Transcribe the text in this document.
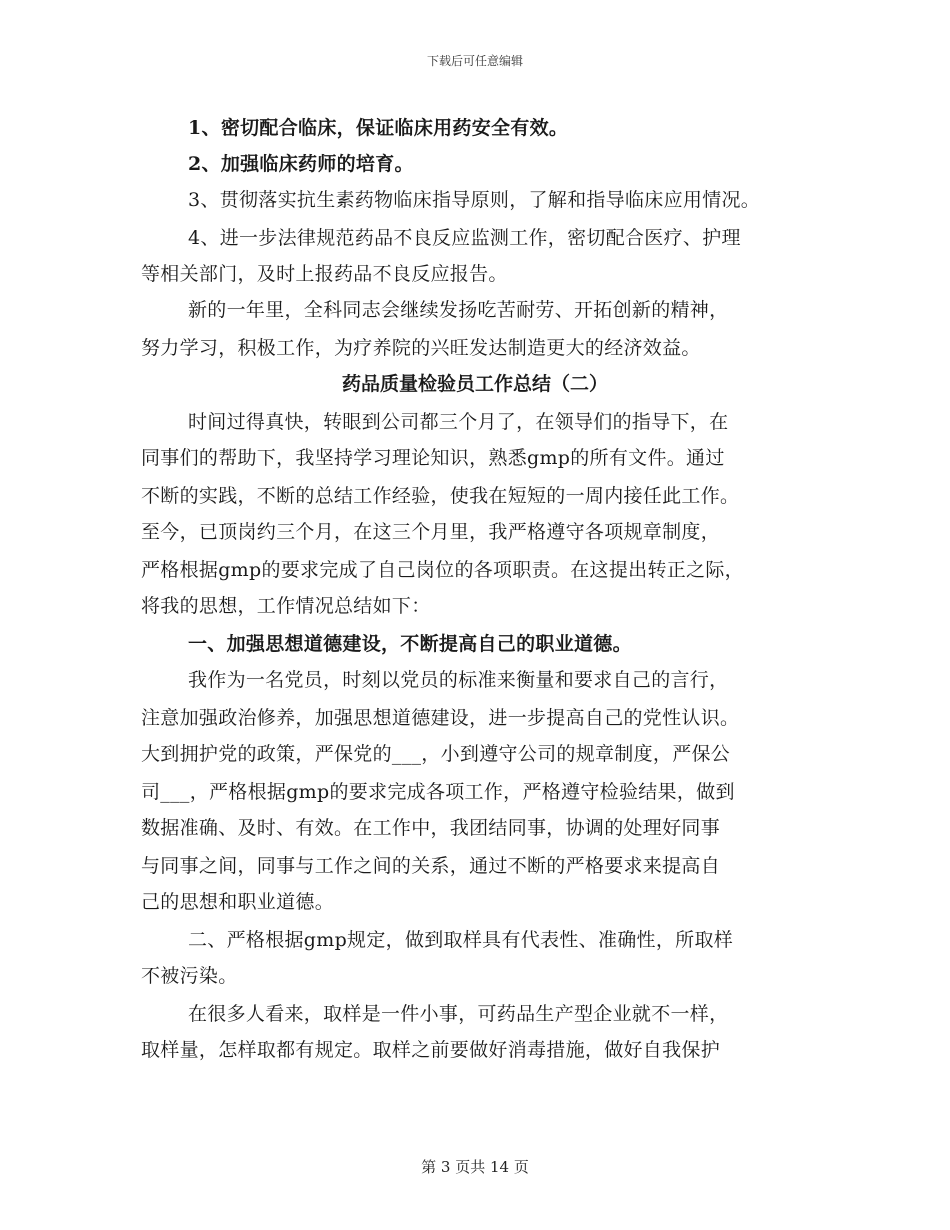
下载后可任意编辑
1、密切配合临床，保证临床用药安全有效。
2、加强临床药师的培育。
3、贯彻落实抗生素药物临床指导原则，了解和指导临床应用情况。
4、进一步法律规范药品不良反应监测工作，密切配合医疗、护理
等相关部门，及时上报药品不良反应报告。
新的一年里，全科同志会继续发扬吃苦耐劳、开拓创新的精神，
努力学习，积极工作，为疗养院的兴旺发达制造更大的经济效益。
药品质量检验员工作总结（二）
时间过得真快，转眼到公司都三个月了，在领导们的指导下，在
同事们的帮助下，我坚持学习理论知识，熟悉gmp的所有文件。通过
不断的实践，不断的总结工作经验，使我在短短的一周内接任此工作。
至今，已顶岗约三个月，在这三个月里，我严格遵守各项规章制度，
严格根据gmp的要求完成了自己岗位的各项职责。在这提出转正之际，
将我的思想，工作情况总结如下：
一、加强思想道德建设，不断提高自己的职业道德。
我作为一名党员，时刻以党员的标准来衡量和要求自己的言行，
注意加强政治修养，加强思想道德建设，进一步提高自己的党性认识。
大到拥护党的政策，严保党的___，小到遵守公司的规章制度，严保公
司___，严格根据gmp的要求完成各项工作，严格遵守检验结果，做到
数据准确、及时、有效。在工作中，我团结同事，协调的处理好同事
与同事之间，同事与工作之间的关系，通过不断的严格要求来提高自
己的思想和职业道德。
二、严格根据gmp规定，做到取样具有代表性、准确性，所取样
不被污染。
在很多人看来，取样是一件小事，可药品生产型企业就不一样，
取样量，怎样取都有规定。取样之前要做好消毒措施，做好自我保护
第 3 页共 14 页
